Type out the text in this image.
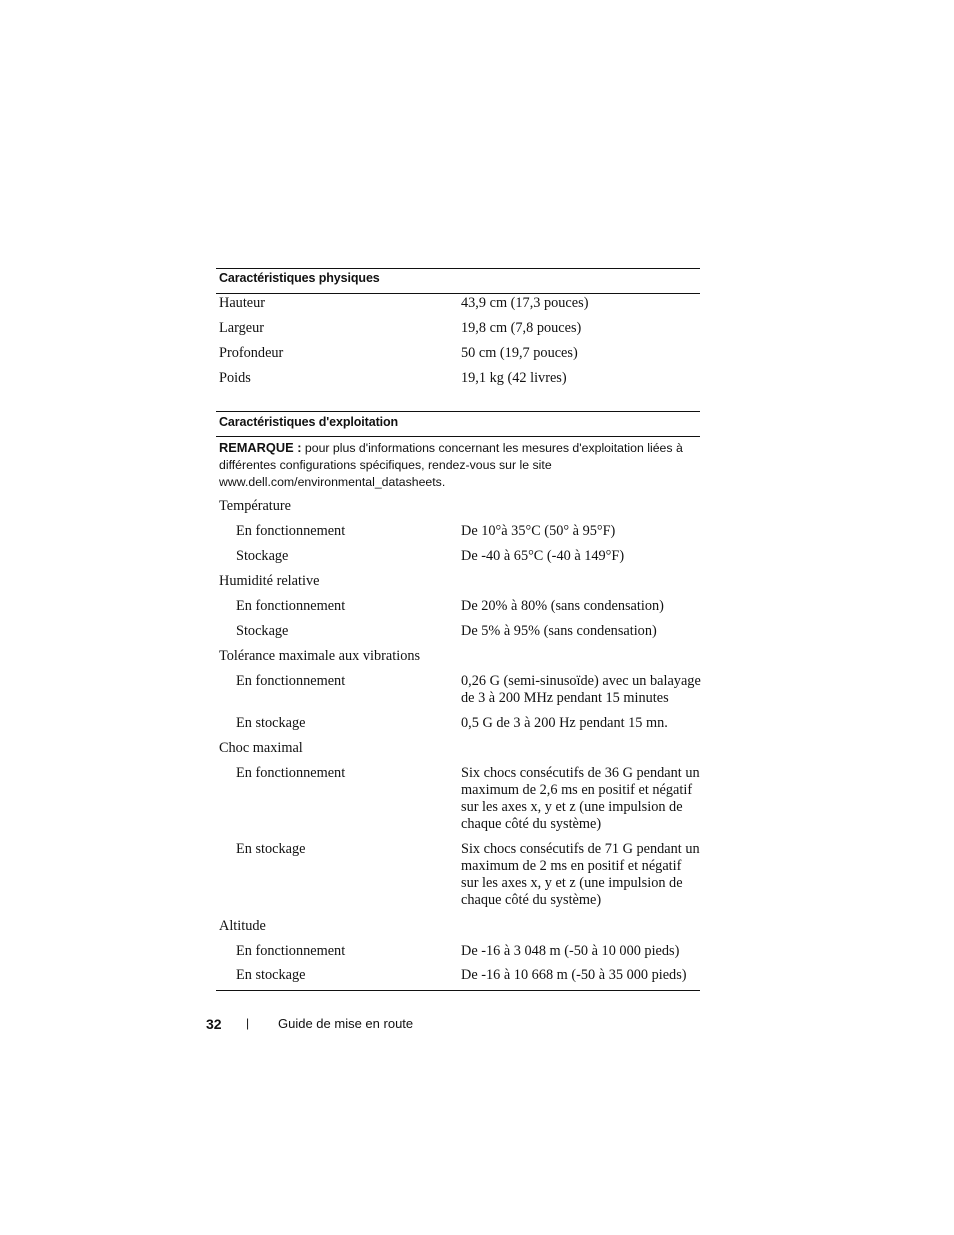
Caractéristiques physiques
Hauteur	43,9 cm (17,3 pouces)
Largeur	19,8 cm (7,8 pouces)
Profondeur	50 cm (19,7 pouces)
Poids	19,1 kg (42 livres)
Caractéristiques d'exploitation
REMARQUE : pour plus d'informations concernant les mesures d'exploitation liées à différentes configurations spécifiques, rendez-vous sur le site www.dell.com/environmental_datasheets.
Température
En fonctionnement	De 10°à 35°C (50° à 95°F)
Stockage	De -40 à 65°C (-40 à 149°F)
Humidité relative
En fonctionnement	De 20% à 80% (sans condensation)
Stockage	De 5% à 95% (sans condensation)
Tolérance maximale aux vibrations
En fonctionnement	0,26 G (semi-sinusoïde) avec un balayage de 3 à 200 MHz pendant 15 minutes
En stockage	0,5 G de 3 à 200 Hz pendant 15 mn.
Choc maximal
En fonctionnement	Six chocs consécutifs de 36 G pendant un maximum de 2,6 ms en positif et négatif sur les axes x, y et z (une impulsion de chaque côté du système)
En stockage	Six chocs consécutifs de 71 G pendant un maximum de 2 ms en positif et négatif sur les axes x, y et z (une impulsion de chaque côté du système)
Altitude
En fonctionnement	De -16 à 3 048 m (-50 à 10 000 pieds)
En stockage	De -16 à 10 668 m (-50 à 35 000 pieds)
32 | Guide de mise en route
